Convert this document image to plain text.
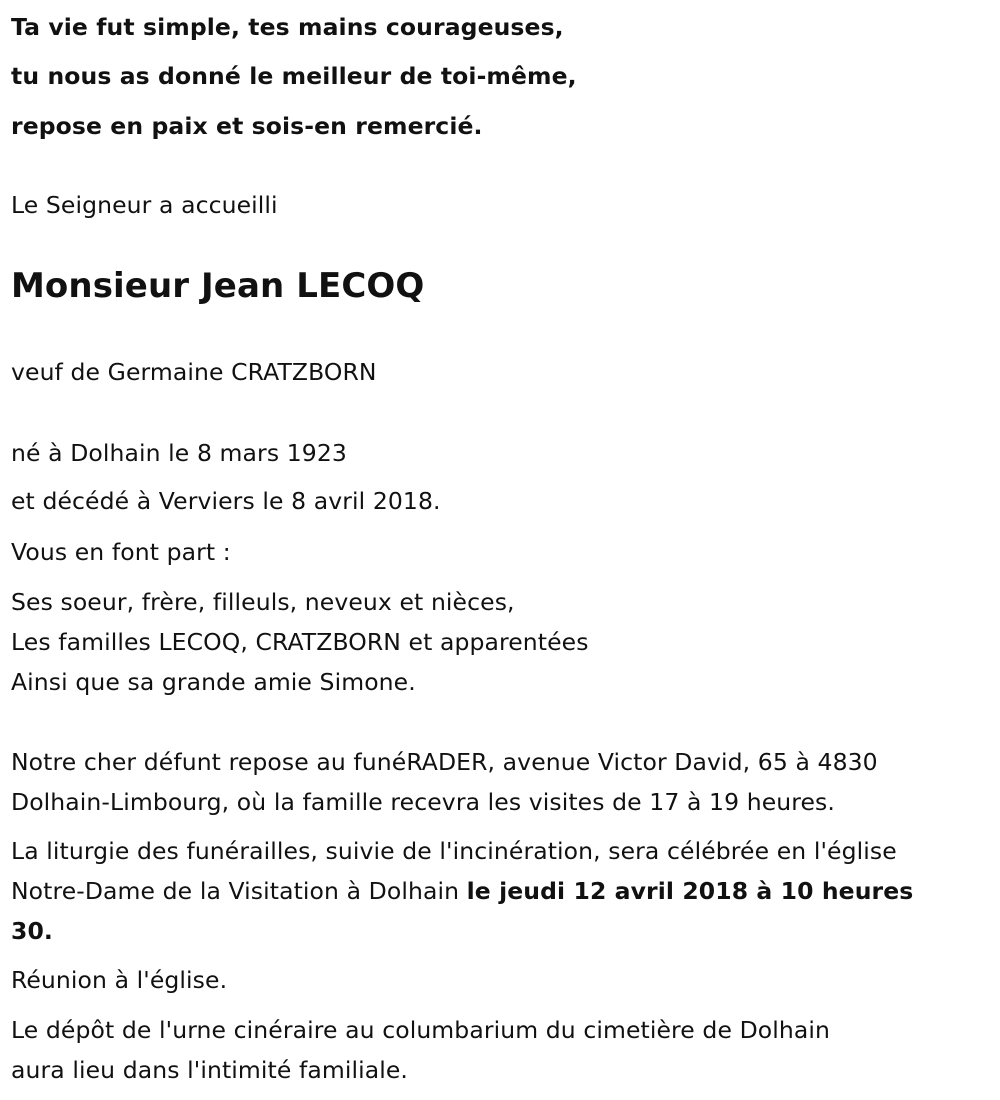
Ta vie fut simple, tes mains courageuses,
tu nous as donné le meilleur de toi-même,
repose en paix et sois-en remercié.
Le Seigneur a accueilli
Monsieur Jean LECOQ
veuf de Germaine CRATZBORN
né à Dolhain le 8 mars 1923
et décédé à Verviers le 8 avril 2018.
Vous en font part :
Ses soeur, frère, filleuls, neveux et nièces,
Les familles LECOQ, CRATZBORN et apparentées
Ainsi que sa grande amie Simone.
Notre cher défunt repose au funéRADER, avenue Victor David, 65 à 4830
Dolhain-Limbourg, où la famille recevra les visites de 17 à 19 heures.
La liturgie des funérailles, suivie de l'incinération, sera célébrée en l'église
Notre-Dame de la Visitation à Dolhain le jeudi 12 avril 2018 à 10 heures
30.
Réunion à l'église.
Le dépôt de l'urne cinéraire au columbarium du cimetière de Dolhain
aura lieu dans l'intimité familiale.
